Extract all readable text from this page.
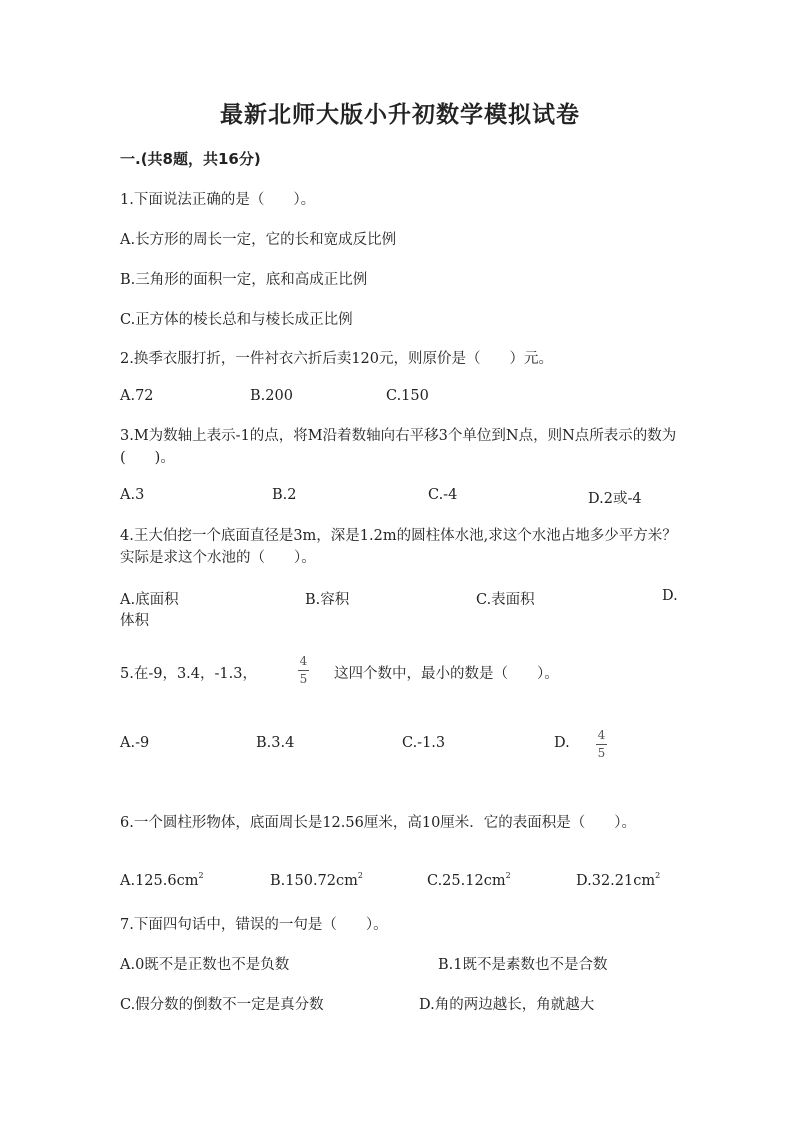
最新北师大版小升初数学模拟试卷
一.(共8题，共16分)
1.下面说法正确的是（　　）。
A.长方形的周长一定，它的长和宽成反比例
B.三角形的面积一定，底和高成正比例
C.正方体的棱长总和与棱长成正比例
2.换季衣服打折，一件衬衣六折后卖120元，则原价是（　　）元。
A.72	B.200	C.150
3.M为数轴上表示-1的点，将M沿着数轴向右平移3个单位到N点，则N点所表示的数为(　　)。
A.3	B.2	C.-4	D.2或-4
4.王大伯挖一个底面直径是3m，深是1.2m的圆柱体水池,求这个水池占地多少平方米？实际是求这个水池的（　　）。
A.底面积	B.容积	C.表面积	D.
体积
5.在-9，3.4，-1.3，
4
5 这四个数中，最小的数是（　　）。
A.-9	B.3.4	C.-1.3	D. 4
5
6.一个圆柱形物体，底面周长是12.56厘米，高10厘米．它的表面积是（　　）。
$A.125.6cm^2$	$B.150.72cm^2$	$C.25.12cm^2$	$D.32.21cm^2$
7.下面四句话中，错误的一句是（　　）。
A.0既不是正数也不是负数	B.1既不是素数也不是合数
C.假分数的倒数不一定是真分数	D.角的两边越长，角就越大
